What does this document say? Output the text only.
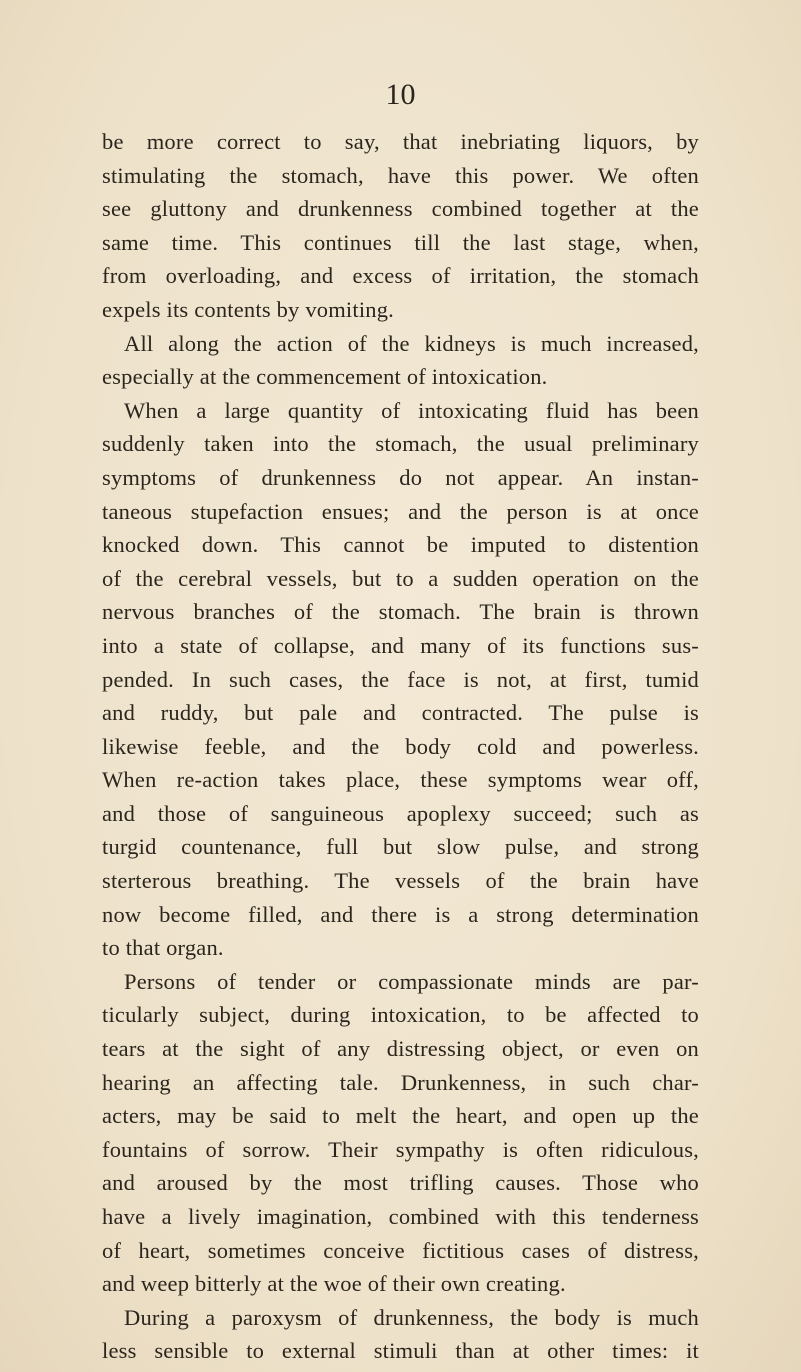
10
be more correct to say, that inebriating liquors, by
stimulating the stomach, have this power. We often
see gluttony and drunkenness combined together at the
same time. This continues till the last stage, when,
from overloading, and excess of irritation, the stomach
expels its contents by vomiting.
All along the action of the kidneys is much increased,
especially at the commencement of intoxication.
When a large quantity of intoxicating fluid has been
suddenly taken into the stomach, the usual preliminary
symptoms of drunkenness do not appear. An instan-
taneous stupefaction ensues; and the person is at once
knocked down. This cannot be imputed to distention
of the cerebral vessels, but to a sudden operation on the
nervous branches of the stomach. The brain is thrown
into a state of collapse, and many of its functions sus-
pended. In such cases, the face is not, at first, tumid
and ruddy, but pale and contracted. The pulse is
likewise feeble, and the body cold and powerless.
When re-action takes place, these symptoms wear off,
and those of sanguineous apoplexy succeed; such as
turgid countenance, full but slow pulse, and strong
sterterous breathing. The vessels of the brain have
now become filled, and there is a strong determination
to that organ.
Persons of tender or compassionate minds are par-
ticularly subject, during intoxication, to be affected to
tears at the sight of any distressing object, or even on
hearing an affecting tale. Drunkenness, in such char-
acters, may be said to melt the heart, and open up the
fountains of sorrow. Their sympathy is often ridiculous,
and aroused by the most trifling causes. Those who
have a lively imagination, combined with this tenderness
of heart, sometimes conceive fictitious cases of distress,
and weep bitterly at the woe of their own creating.
During a paroxysm of drunkenness, the body is much
less sensible to external stimuli than at other times: it
